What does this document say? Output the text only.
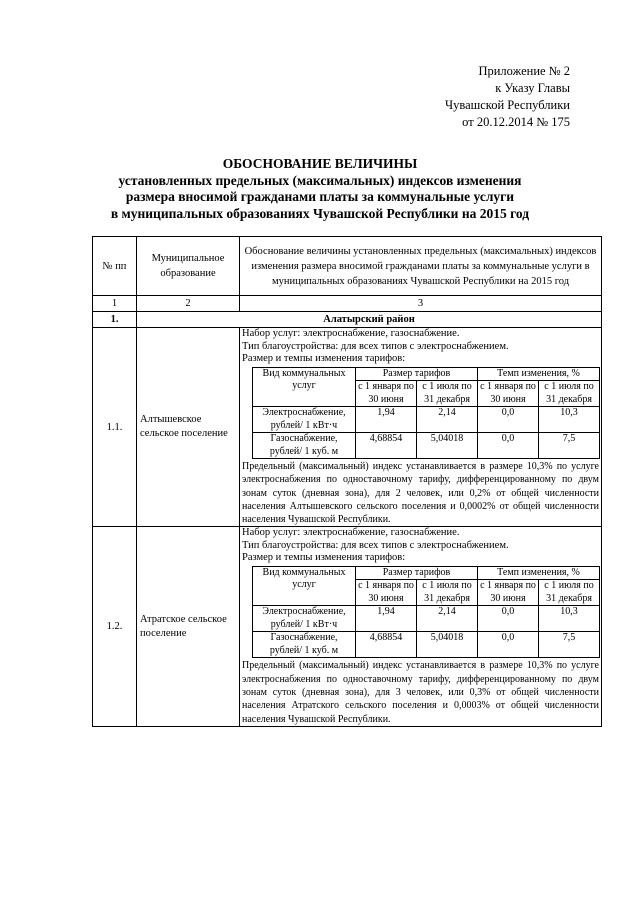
Приложение № 2
к Указу Главы
Чувашской Республики
от 20.12.2014 № 175
ОБОСНОВАНИЕ ВЕЛИЧИНЫ
установленных предельных (максимальных) индексов изменения
размера вносимой гражданами платы за коммунальные услуги
в муниципальных образованиях Чувашской Республики на 2015 год
№ пп	Муниципальное образование	Обоснование величины установленных предельных (максимальных) индексов изменения размера вносимой гражданами платы за коммунальные услуги в муниципальных образованиях Чувашской Республики на 2015 год
1	2	3
1.	Алатырский район
1.1.	Алтышевское сельское поселение	
Набор услуг: электроснабжение, газоснабжение.
Тип благоустройства: для всех типов с электроснабжением.
Размер и темпы изменения тарифов:
Вид коммунальных услуг	Размер тарифов	Темп изменения, %
с 1 января по 30 июня	с 1 июля по 31 декабря	с 1 января по 30 июня	с 1 июля по 31 декабря
Электроснабжение, рублей/ 1 кВт·ч	1,94	2,14	0,0	10,3
Газоснабжение, рублей/ 1 куб. м	4,68854	5,04018	0,0	7,5
Предельный (максимальный) индекс устанавливается в размере 10,3% по услуге электроснабжения по одноставочному тарифу, дифференцированному по двум зонам суток (дневная зона), для 2 человек, или 0,2% от общей численности населения Алтышевского сельского поселения и 0,0002% от общей численности населения Чувашской Республики.

1.2.	Атратское сельское поселение	
Набор услуг: электроснабжение, газоснабжение.
Тип благоустройства: для всех типов с электроснабжением.
Размер и темпы изменения тарифов:
Вид коммунальных услуг	Размер тарифов	Темп изменения, %
с 1 января по 30 июня	с 1 июля по 31 декабря	с 1 января по 30 июня	с 1 июля по 31 декабря
Электроснабжение, рублей/ 1 кВт·ч	1,94	2,14	0,0	10,3
Газоснабжение, рублей/ 1 куб. м	4,68854	5,04018	0,0	7,5
Предельный (максимальный) индекс устанавливается в размере 10,3% по услуге электроснабжения по одноставочному тарифу, дифференцированному по двум зонам суток (дневная зона), для 3 человек, или 0,3% от общей численности населения Атратского сельского поселения и 0,0003% от общей численности населения Чувашской Республики.
